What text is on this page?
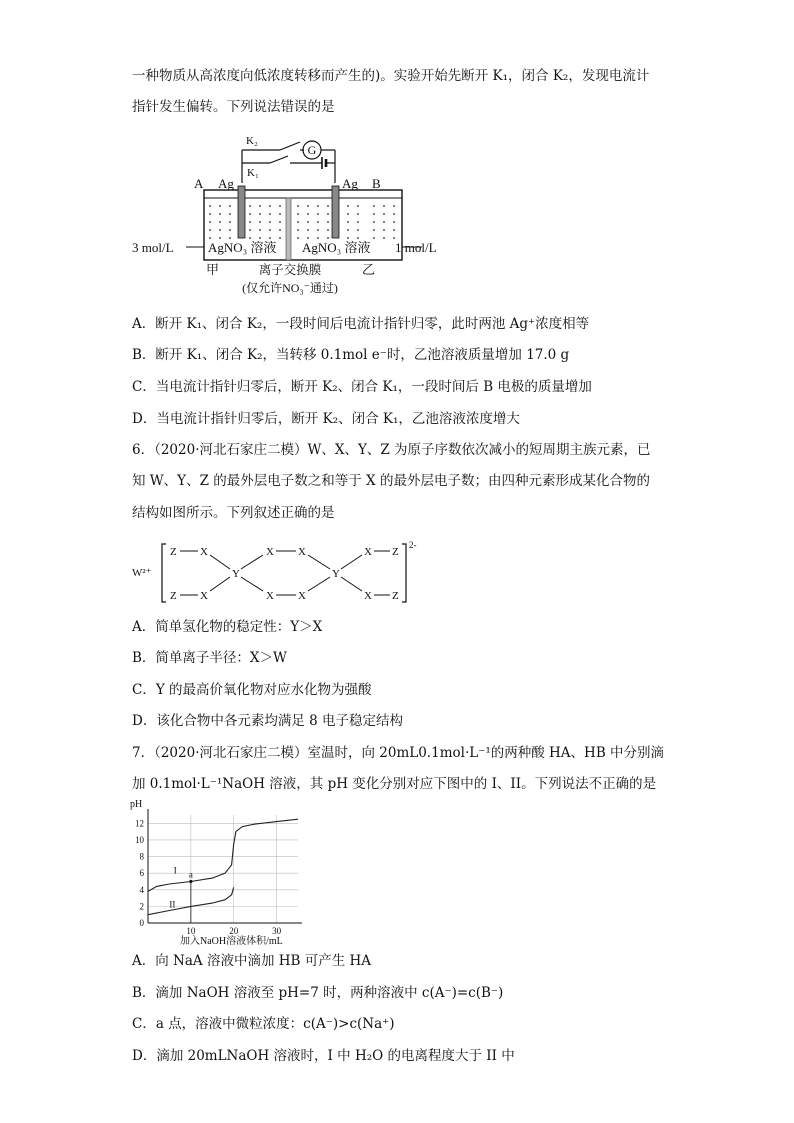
一种物质从高浓度向低浓度转移而产生的)。实验开始先断开 K₁，闭合 K₂，发现电流计
指针发生偏转。下列说法错误的是
G
K₂
K₁
A Ag	Ag B
3 mol/L	AgNO₃ 溶液 AgNO₃ 溶液 1 mol/L
甲	乙
离子交换膜
(仅允许NO₃⁻通过)
A．断开 K₁、闭合 K₂，一段时间后电流计指针归零，此时两池 Ag⁺浓度相等
B．断开 K₁、闭合 K₂，当转移 0.1mol e⁻时，乙池溶液质量增加 17.0 g
C．当电流计指针归零后，断开 K₂、闭合 K₁，一段时间后 B 电极的质量增加
D．当电流计指针归零后，断开 K₂、闭合 K₁，乙池溶液浓度增大
6．（2020·河北石家庄二模）W、X、Y、Z 为原子序数依次减小的短周期主族元素，已
知 W、Y、Z 的最外层电子数之和等于 X 的最外层电子数；由四种元素形成某化合物的
结构如图所示。下列叙述正确的是
W²⁺
2-
Z X
Z X
Y
X X
X X
Y
X Z
X Z
A．简单氢化物的稳定性：Y＞X
B．简单离子半径：X＞W
C．Y 的最高价氧化物对应水化物为强酸
D．该化合物中各元素均满足 8 电子稳定结构
7．（2020·河北石家庄二模）室温时，向 20mL0.1mol·L⁻¹的两种酸 HA、HB 中分别滴
加 0.1mol·L⁻¹NaOH 溶液，其 pH 变化分别对应下图中的 I、II。下列说法不正确的是
pH
加入NaOH溶液体积/mL
0
2
4
6
8
10
12
10	20	30
I
II
a
A．向 NaA 溶液中滴加 HB 可产生 HA
B．滴加 NaOH 溶液至 pH=7 时，两种溶液中 c(A⁻)=c(B⁻)
C．a 点，溶液中微粒浓度：c(A⁻)>c(Na⁺)
D．滴加 20mLNaOH 溶液时，I 中 H₂O 的电离程度大于 II 中
